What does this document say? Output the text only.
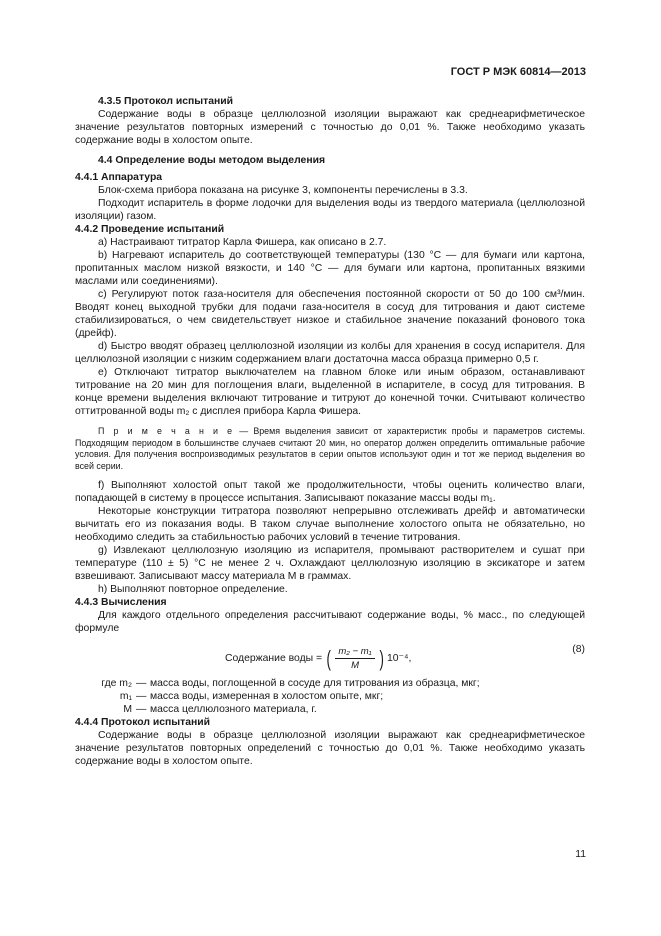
ГОСТ Р МЭК 60814—2013

4.3.5 Протокол испытаний

Содержание воды в образце целлюлозной изоляции выражают как среднеарифметическое значение результатов повторных измерений с точностью до 0,01 %. Также необходимо указать содержание воды в холостом опыте.

4.4 Определение воды методом выделения

4.4.1 Аппаратура

Блок-схема прибора показана на рисунке 3, компоненты перечислены в 3.3.

Подходит испаритель в форме лодочки для выделения воды из твердого материала (целлюлозной изоляции) газом.

4.4.2 Проведение испытаний

a) Настраивают титратор Карла Фишера, как описано в 2.7.

b) Нагревают испаритель до соответствующей температуры (130 °C — для бумаги или картона, пропитанных маслом низкой вязкости, и 140 °C — для бумаги или картона, пропитанных вязкими маслами или соединениями).

c) Регулируют поток газа-носителя для обеспечения постоянной скорости от 50 до 100 см³/мин. Вводят конец выходной трубки для подачи газа-носителя в сосуд для титрования и дают системе стабилизироваться, о чем свидетельствует низкое и стабильное значение показаний фонового тока (дрейф).

d) Быстро вводят образец целлюлозной изоляции из колбы для хранения в сосуд испарителя. Для целлюлозной изоляции с низким содержанием влаги достаточна масса образца примерно 0,5 г.

e) Отключают титратор выключателем на главном блоке или иным образом, останавливают титрование на 20 мин для поглощения влаги, выделенной в испарителе, в сосуд для титрования. В конце времени выделения включают титрование и титруют до конечной точки. Считывают количество оттитрованной воды m₂ с дисплея прибора Карла Фишера.

П р и м е ч а н и е — Время выделения зависит от характеристик пробы и параметров системы. Подходящим периодом в большинстве случаев считают 20 мин, но оператор должен определить оптимальные рабочие условия. Для получения воспроизводимых результатов в серии опытов используют один и тот же период выделения во всей серии.

f) Выполняют холостой опыт такой же продолжительности, чтобы оценить количество влаги, попадающей в систему в процессе испытания. Записывают показание массы воды m₁.

Некоторые конструкции титратора позволяют непрерывно отслеживать дрейф и автоматически вычитать его из показания воды. В таком случае выполнение холостого опыта не обязательно, но необходимо следить за стабильностью рабочих условий в течение титрования.

g) Извлекают целлюлозную изоляцию из испарителя, промывают растворителем и сушат при температуре (110 ± 5) °C не менее 2 ч. Охлаждают целлюлозную изоляцию в эксикаторе и затем взвешивают. Записывают массу материала M в граммах.

h) Выполняют повторное определение.

4.4.3 Вычисления

Для каждого отдельного определения рассчитывают содержание воды, % масс., по следующей формуле

Содержание воды = ( $\frac{\text{m₂ − m₁}}{M}$ ) 10⁻⁴,
(8)
где m₂ — масса воды, поглощенной в сосуде для титрования из образца, мкг;
m₁ — масса воды, измеренная в холостом опыте, мкг;
M — масса целлюлозного материала, г.

4.4.4 Протокол испытаний

Содержание воды в образце целлюлозной изоляции выражают как среднеарифметическое значение результатов повторных определений с точностью до 0,01 %. Также необходимо указать содержание воды в холостом опыте.

11
